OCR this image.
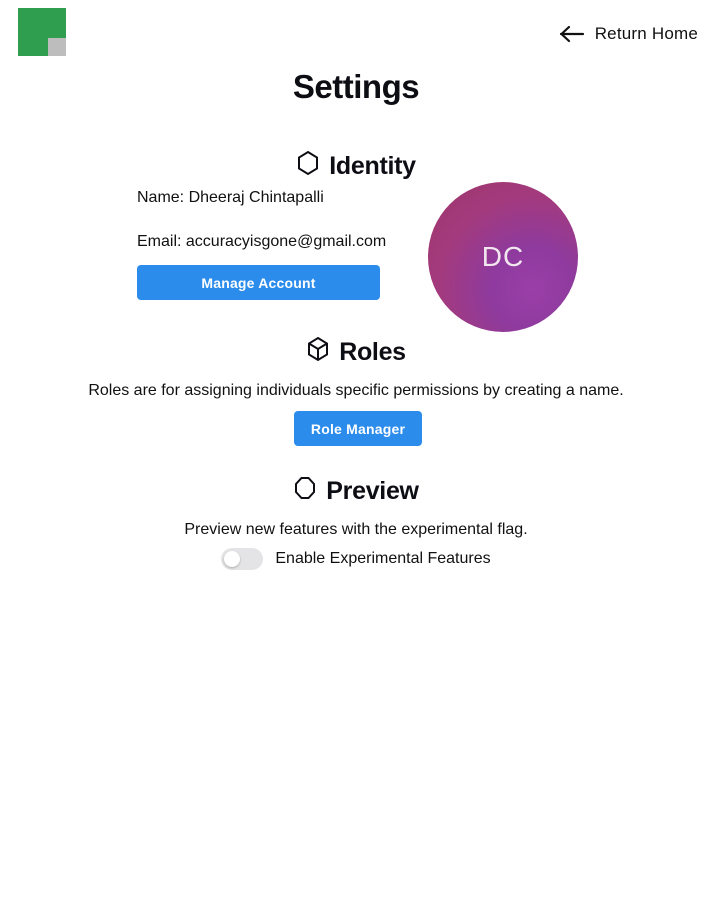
Return Home
Settings
Identity
Name: Dheeraj Chintapalli
Email: accuracyisgone@gmail.com
Manage Account
DC
Roles
Roles are for assigning individuals specific permissions by creating a name.
Role Manager
Preview
Preview new features with the experimental flag.
Enable Experimental Features
